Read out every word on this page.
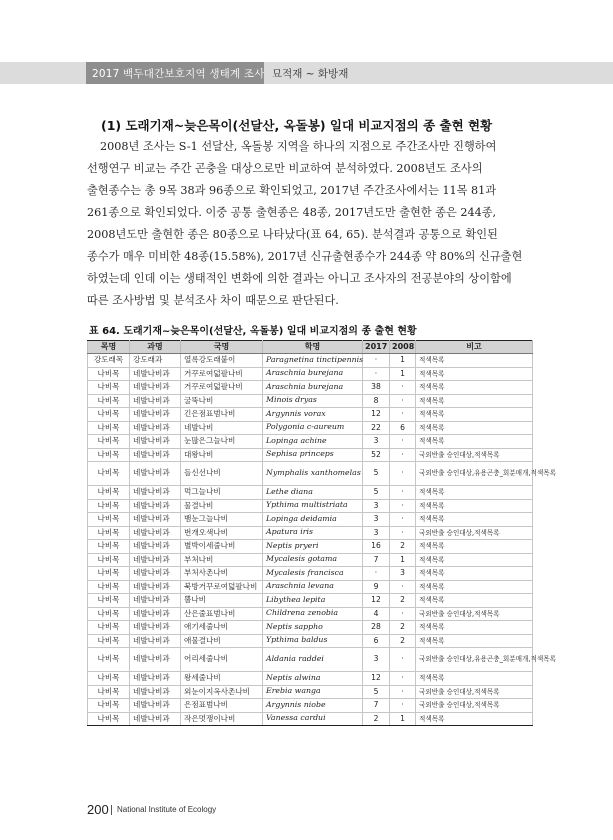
2017 백두대간보호지역 생태계 조사 묘적재 ~ 화방재
(1) 도래기재~늦은목이(선달산, 옥돌봉) 일대 비교지점의 종 출현 현황
2008년 조사는 S-1 선달산, 옥돌봉 지역을 하나의 지점으로 주간조사만 진행하여
선행연구 비교는 주간 곤충을 대상으로만 비교하여 분석하였다. 2008년도 조사의
출현종수는 총 9목 38과 96종으로 확인되었고, 2017년 주간조사에서는 11목 81과
261종으로 확인되었다. 이중 공통 출현종은 48종, 2017년도만 출현한 종은 244종,
2008년도만 출현한 종은 80종으로 나타났다(표 64, 65). 분석결과 공통으로 확인된
종수가 매우 미비한 48종(15.58%), 2017년 신규출현종수가 244종 약 80%의 신규출현
하였는데 인데 이는 생태적인 변화에 의한 결과는 아니고 조사자의 전공분야의 상이함에
따른 조사방법 및 분석조사 차이 때문으로 판단된다.
표 64. 도래기재~늦은목이(선달산, 옥돌봉) 일대 비교지점의 종 출현 현황
목명	과명	국명	학명	2017	2008	비고
강도래목	강도래과	열록강도래붙이	Paragnetina tinctipennis	·	1	적색목록
나비목	네발나비과	거꾸로여덟팔나비	Araschnia burejana	·	1	적색목록
나비목	네발나비과	거꾸로여덟팔나비	Araschnia burejana	38	·	적색목록
나비목	네발나비과	굴뚝나비	Minois dryas	8	·	적색목록
나비목	네발나비과	긴은점표범나비	Argynnis vorax	12	·	적색목록
나비목	네발나비과	네발나비	Polygonia c-aureum	22	6	적색목록
나비목	네발나비과	눈많은그늘나비	Lopinga achine	3	·	적색목록
나비목	네발나비과	대왕나비	Sephisa princeps	52	·	국외반출 승인대상,적색목록
나비목	네발나비과	들신선나비	Nymphalis xanthomelas	5	·	국외반출 승인대상,유용곤충_회분매개,적색목록
나비목	네발나비과	먹그늘나비	Lethe diana	5	·	적색목록
나비목	네발나비과	물결나비	Ypthima multistriata	3	·	적색목록
나비목	네발나비과	뱀눈그늘나비	Lopinga deidamia	3	·	적색목록
나비목	네발나비과	번개오색나비	Apatura iris	3	·	국외반출 승인대상,적색목록
나비목	네발나비과	별박이세줄나비	Neptis pryeri	16	2	적색목록
나비목	네발나비과	부처나비	Mycalesis gotama	7	1	적색목록
나비목	네발나비과	부처사촌나비	Mycalesis francisca	·	3	적색목록
나비목	네발나비과	북방거꾸로여덟팔나비	Araschnia levana	9	·	적색목록
나비목	네발나비과	뿔나비	Libythea lepita	12	2	적색목록
나비목	네발나비과	산은줄표범나비	Childrena zenobia	4	·	국외반출 승인대상,적색목록
나비목	네발나비과	애기세줄나비	Neptis sappho	28	2	적색목록
나비목	네발나비과	애물결나비	Ypthima baldus	6	2	적색목록
나비목	네발나비과	어리세줄나비	Aldania raddei	3	·	국외반출 승인대상,유용곤충_회분매개,적색목록
나비목	네발나비과	왕세줄나비	Neptis alwina	12	·	적색목록
나비목	네발나비과	외눈이지옥사촌나비	Erebia wanga	5	·	국외반출 승인대상,적색목록
나비목	네발나비과	은점표범나비	Argynnis niobe	7	·	국외반출 승인대상,적색목록
나비목	네발나비과	작은멋쟁이나비	Vanessa cardui	2	1	적색목록
200 National Institute of Ecology
